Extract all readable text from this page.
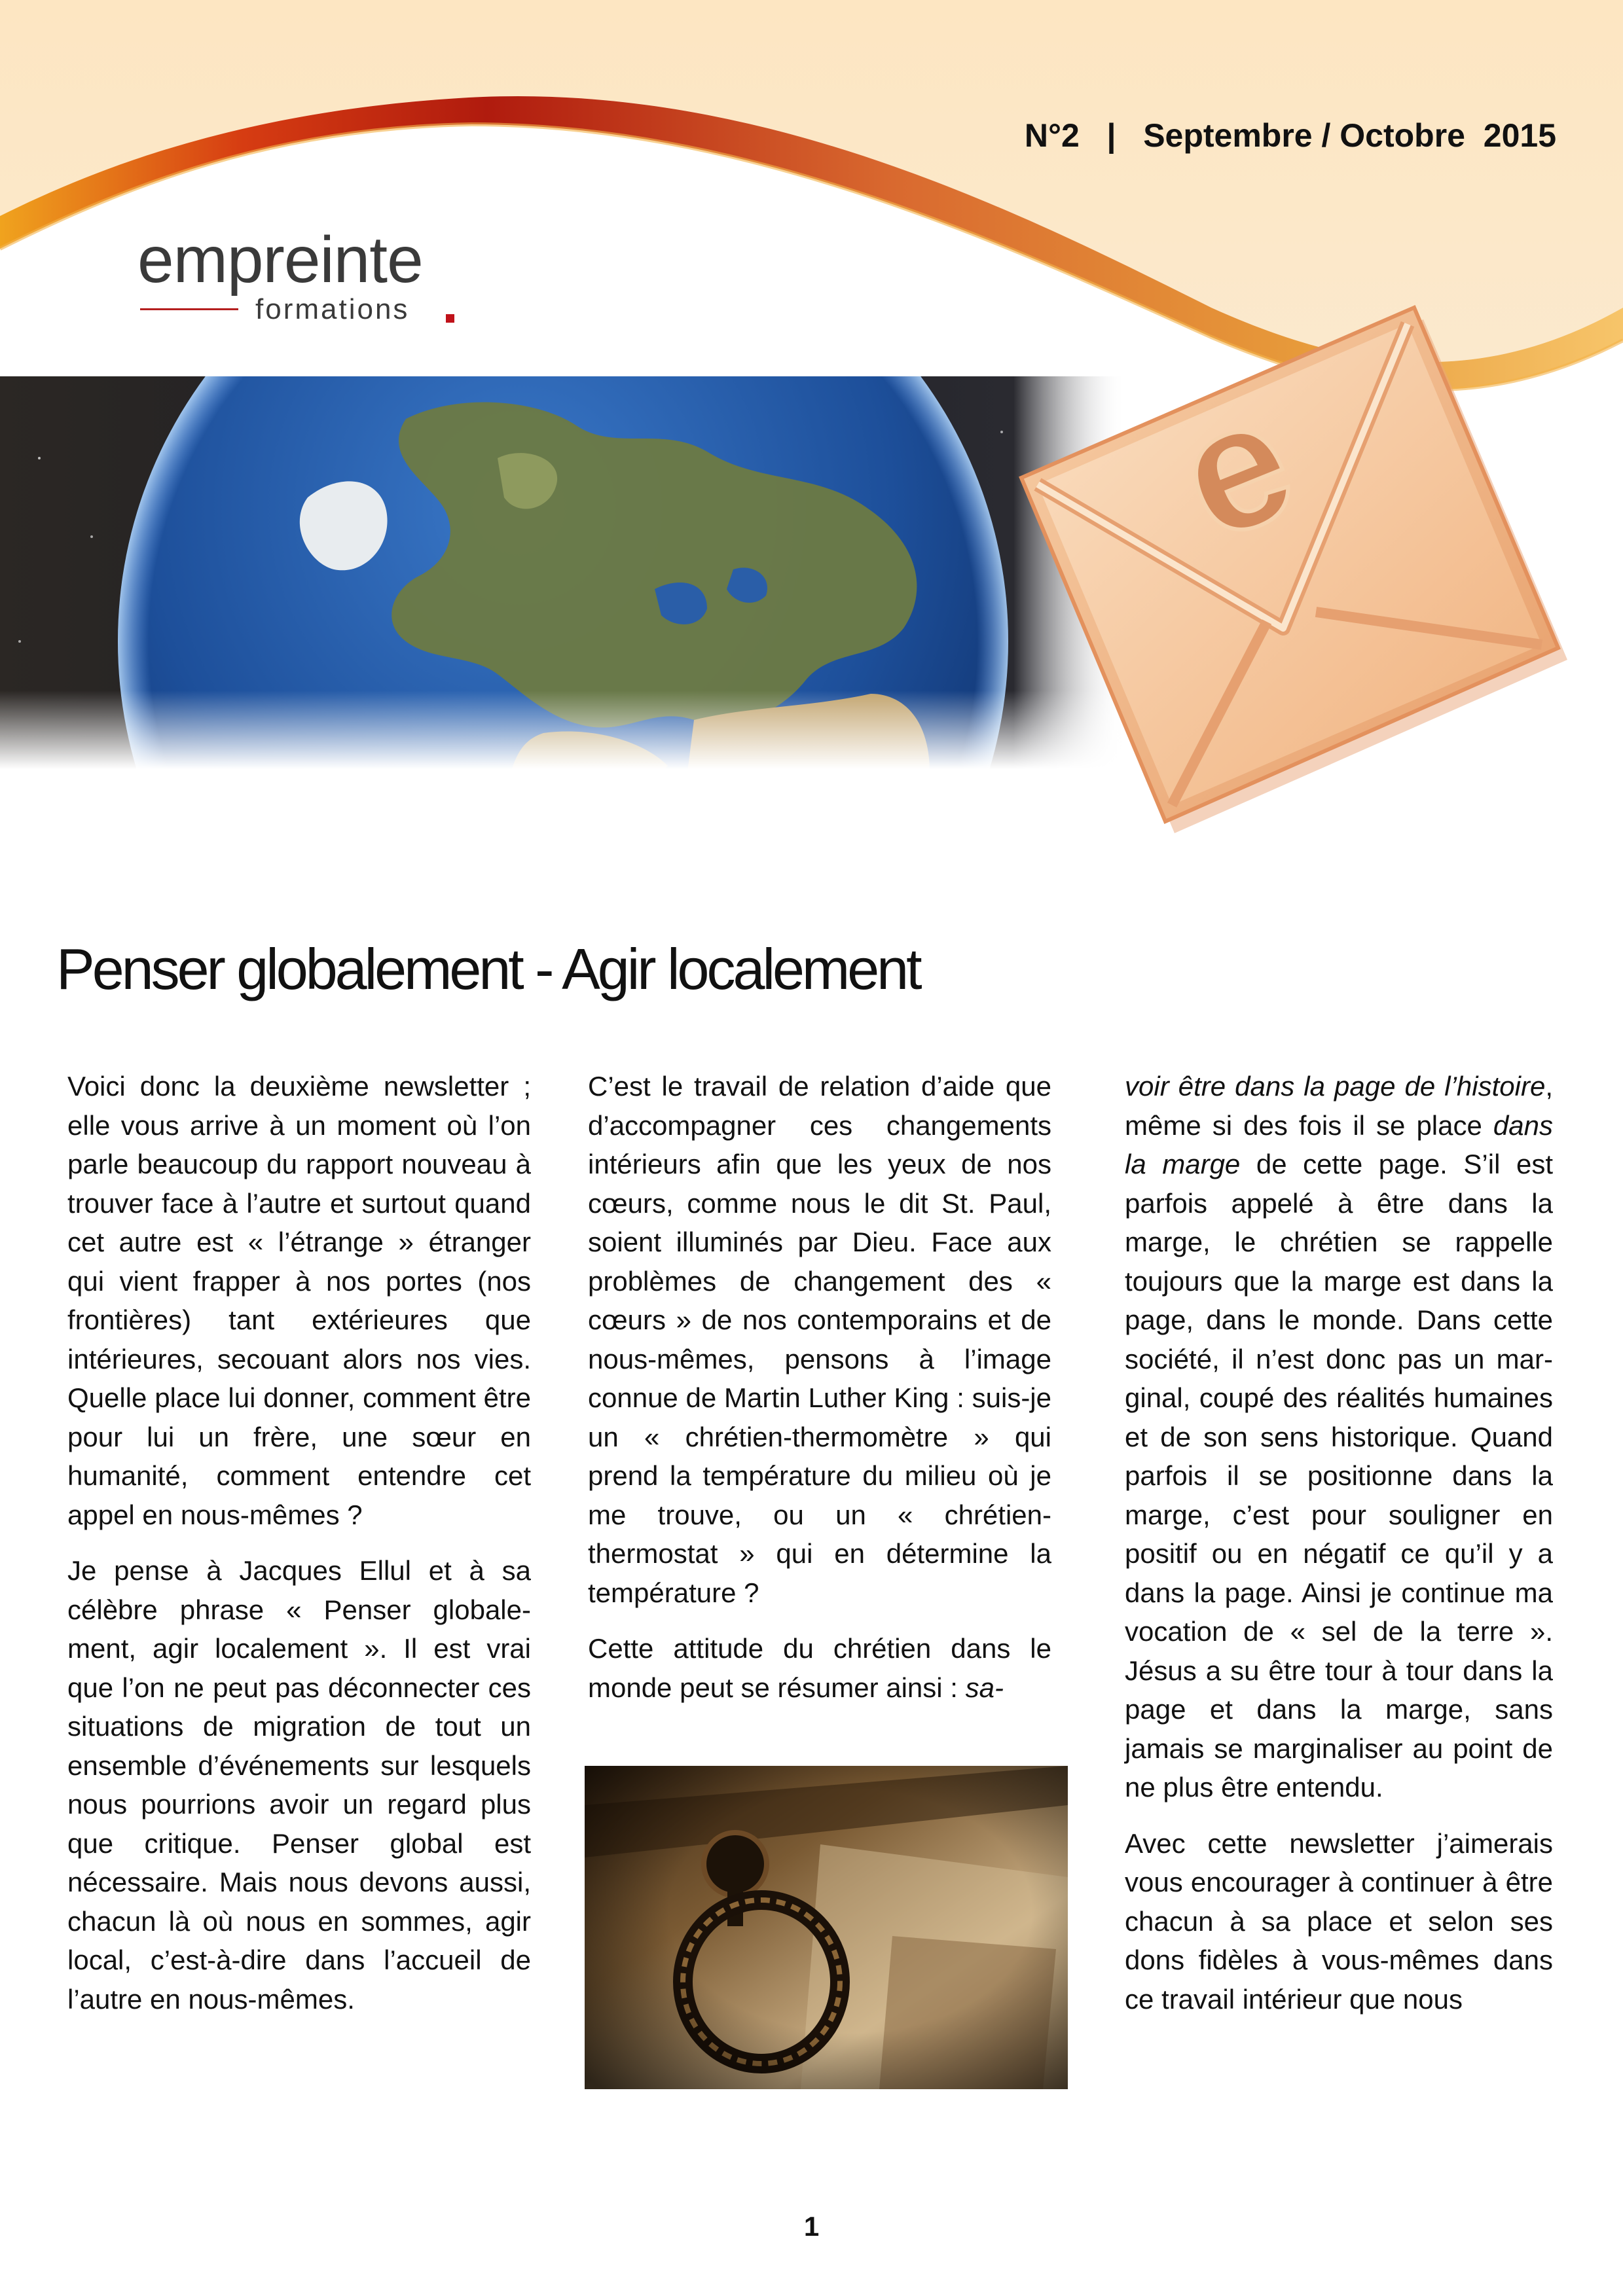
e
N°2 | Septembre / Octobre  2015
empreinte
formations
Penser globalement - Agir localement

Voici donc la deuxième newsletter ; elle vous arrive à un moment où l’on parle beaucoup du rapport nouveau à trouver face à l’autre et surtout quand cet autre est « l’étrange » étranger qui vient frapper à nos portes (nos frontières) tant extérieures que intérieures, secouant alors nos vies. Quelle place lui donner, comment être pour lui un frère, une sœur en humanité, comment entendre cet appel en nous-mêmes ?

Je pense à Jacques Ellul et à sa célèbre phrase « Penser globalement, agir localement ». Il est vrai que l’on ne peut pas déconnecter ces situations de migration de tout un ensemble d’événements sur lesquels nous pourrions avoir un regard plus que critique. Penser global est nécessaire. Mais nous devons aussi, chacun là où nous en sommes, agir local, c’est-à-dire dans l’accueil de l’autre en nous-mêmes.

C’est le travail de relation d’aide que d’accompagner ces changements intérieurs afin que les yeux de nos cœurs, comme nous le dit St. Paul, soient illuminés par Dieu. Face aux problèmes de changement des « cœurs » de nos contemporains et de nous-mêmes, pensons à l’image connue de Martin Luther King : suis-je un « chrétien-thermomètre » qui prend la température du milieu où je me trouve, ou un « chrétien-thermostat » qui en détermine la température ?

Cette attitude du chrétien dans le monde peut se résumer ainsi : sa-

voir être dans la page de l’histoire, même si des fois il se place dans la marge de cette page. S’il est parfois appelé à être dans la marge, le chrétien se rappelle toujours que la marge est dans la page, dans le monde. Dans cette société, il n’est donc pas un marginal, coupé des réalités humaines et de son sens historique. Quand parfois il se positionne dans la marge, c’est pour souligner en positif ou en négatif ce qu’il y a dans la page. Ainsi je continue ma vocation de « sel de la terre ». Jésus a su être tour à tour dans la page et dans la marge, sans jamais se marginaliser au point de ne plus être entendu.

Avec cette newsletter j’aimerais vous encourager à continuer à être chacun à sa place et selon ses dons fidèles à vous-mêmes dans ce travail intérieur que nous

1
